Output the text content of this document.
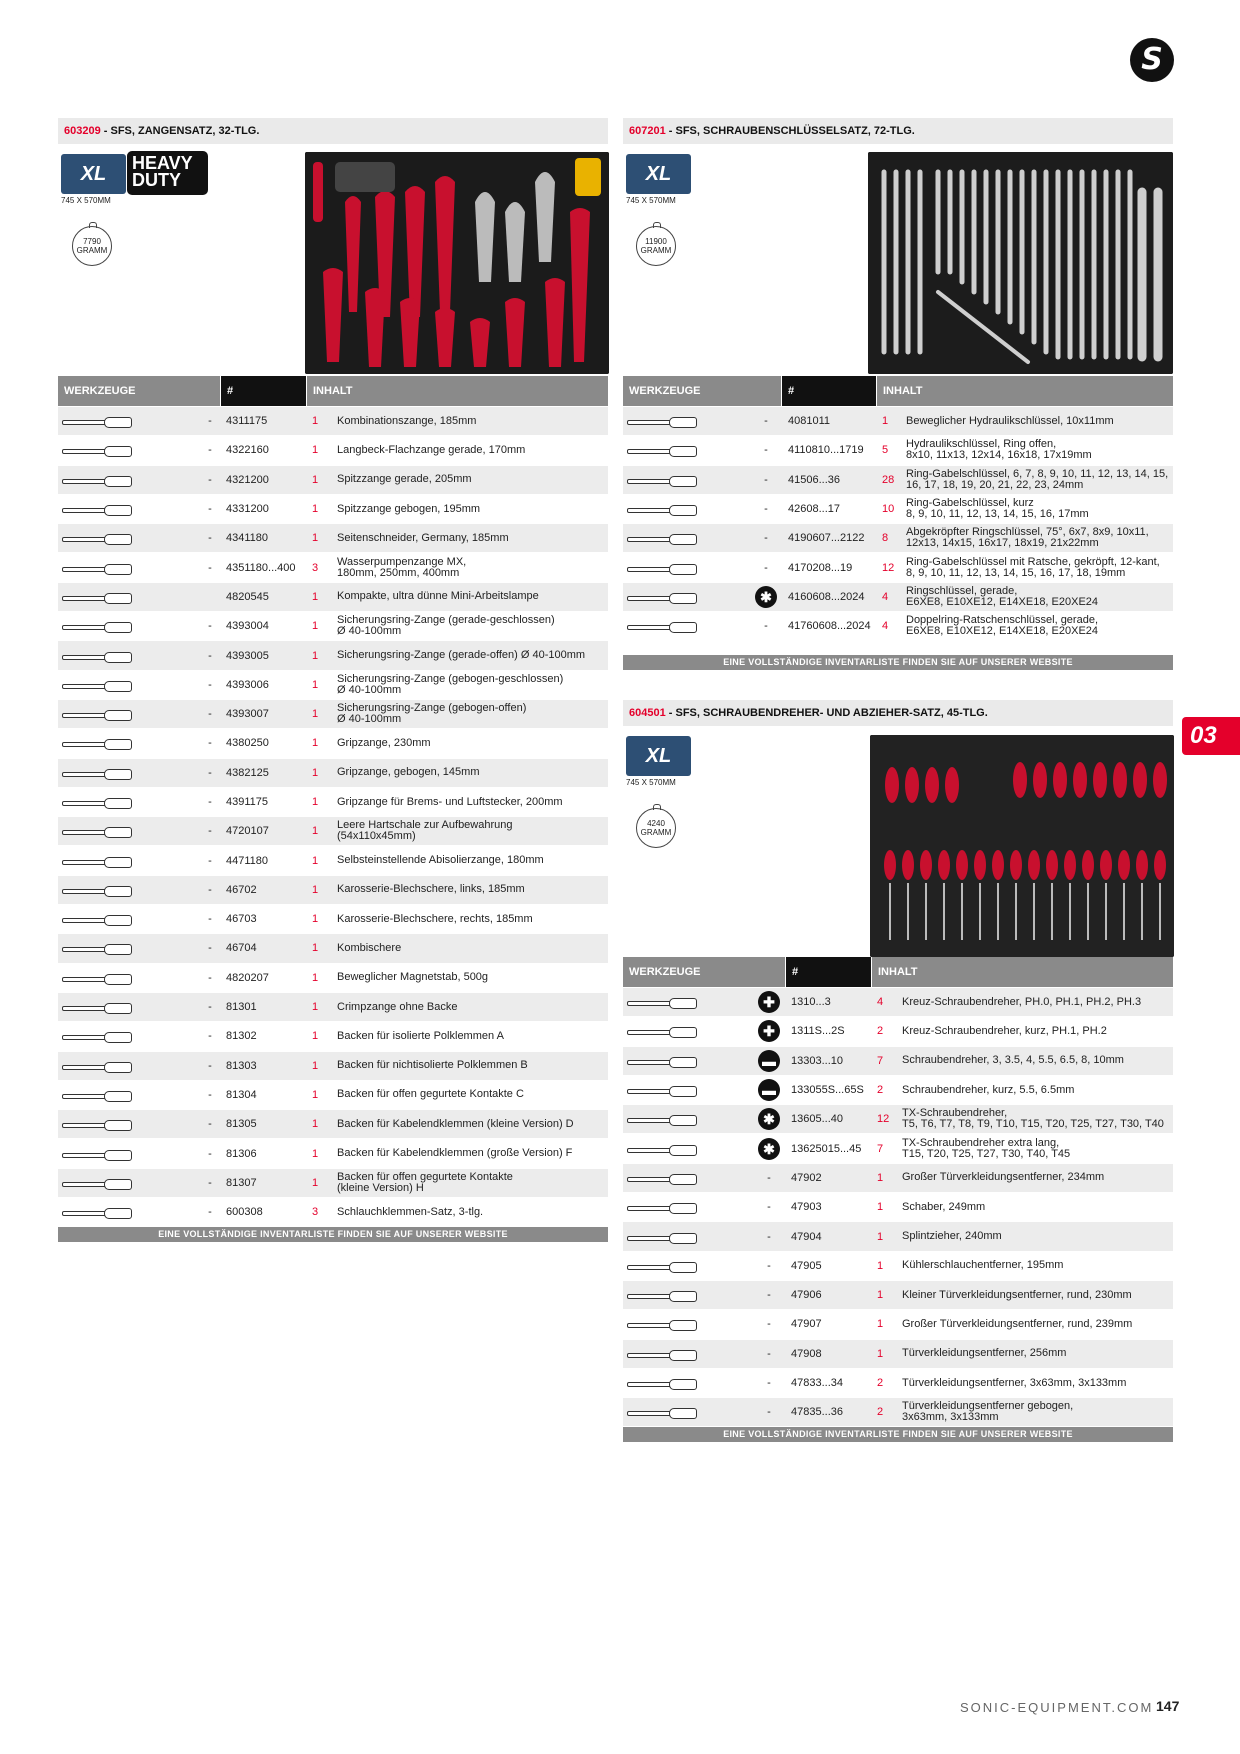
S
03
603209 - SFS, ZANGENSATZ, 32-TLG.
XL	HEAVY DUTY
745 X 570MM
7790
GRAMM
WERKZEUGE	#	INHALT
- 4311175	1	Kombinationszange, 185mm
- 4322160	1	Langbeck-Flachzange gerade, 170mm
- 4321200	1	Spitzzange gerade, 205mm
- 4331200	1	Spitzzange gebogen, 195mm
- 4341180	1	Seitenschneider, Germany, 185mm
- 4351180...400	3	Wasserpumpenzange MX,
180mm, 250mm, 400mm
4820545	1	Kompakte, ultra dünne Mini-Arbeitslampe
- 4393004	1	Sicherungsring-Zange (gerade-geschlossen)
Ø 40-100mm
- 4393005	1	Sicherungsring-Zange (gerade-offen) Ø 40-100mm
- 4393006	1	Sicherungsring-Zange (gebogen-geschlossen)
Ø 40-100mm
- 4393007	1	Sicherungsring-Zange (gebogen-offen)
Ø 40-100mm
- 4380250	1	Gripzange, 230mm
- 4382125	1	Gripzange, gebogen, 145mm
- 4391175	1	Gripzange für Brems- und Luftstecker, 200mm
- 4720107	1	Leere Hartschale zur Aufbewahrung
(54x110x45mm)
- 4471180	1	Selbsteinstellende Abisolierzange, 180mm
- 46702	1	Karosserie-Blechschere, links, 185mm
- 46703	1	Karosserie-Blechschere, rechts, 185mm
- 46704	1	Kombischere
- 4820207	1	Beweglicher Magnetstab, 500g
- 81301	1	Crimpzange ohne Backe
- 81302	1	Backen für isolierte Polklemmen A
- 81303	1	Backen für nichtisolierte Polklemmen B
- 81304	1	Backen für offen gegurtete Kontakte C
- 81305	1	Backen für Kabelendklemmen (kleine Version) D
- 81306	1	Backen für Kabelendklemmen (große Version) F
- 81307	1	Backen für offen gegurtete Kontakte
(kleine Version) H
- 600308	3	Schlauchklemmen-Satz, 3-tlg.
EINE VOLLSTÄNDIGE INVENTARLISTE FINDEN SIE AUF UNSERER WEBSITE
607201 - SFS, SCHRAUBENSCHLÜSSELSATZ, 72-TLG.
XL
745 X 570MM
11900
GRAMM
WERKZEUGE	#	INHALT
- 4081011	1	Beweglicher Hydraulikschlüssel, 10x11mm
- 4110810...1719	5	Hydraulikschlüssel, Ring offen,
8x10, 11x13, 12x14, 16x18, 17x19mm
- 41506...36	28	Ring-Gabelschlüssel, 6, 7, 8, 9, 10, 11, 12, 13, 14, 15,
16, 17, 18, 19, 20, 21, 22, 23, 24mm
- 42608...17	10	Ring-Gabelschlüssel, kurz
8, 9, 10, 11, 12, 13, 14, 15, 16, 17mm
- 4190607...2122	8	Abgekröpfter Ringschlüssel, 75°, 6x7, 8x9, 10x11,
12x13, 14x15, 16x17, 18x19, 21x22mm
- 4170208...19	12	Ring-Gabelschlüssel mit Ratsche, gekröpft, 12-kant,
8, 9, 10, 11, 12, 13, 14, 15, 16, 17, 18, 19mm
✱	4160608...2024	4	Ringschlüssel, gerade,
E6XE8, E10XE12, E14XE18, E20XE24
- 41760608...2024	4	Doppelring-Ratschenschlüssel, gerade,
E6XE8, E10XE12, E14XE18, E20XE24
EINE VOLLSTÄNDIGE INVENTARLISTE FINDEN SIE AUF UNSERER WEBSITE
604501 - SFS, SCHRAUBENDREHER- UND ABZIEHER-SATZ, 45-TLG.
XL
745 X 570MM
4240
GRAMM
WERKZEUGE	#	INHALT
✚	1310...3	4	Kreuz-Schraubendreher, PH.0, PH.1, PH.2, PH.3
✚	1311S...2S	2	Kreuz-Schraubendreher, kurz, PH.1, PH.2
▬	13303...10	7	Schraubendreher, 3, 3.5, 4, 5.5, 6.5, 8, 10mm
▬	133055S...65S	2	Schraubendreher, kurz, 5.5, 6.5mm
✱	13605...40	12	TX-Schraubendreher,
T5, T6, T7, T8, T9, T10, T15, T20, T25, T27, T30, T40
✱	13625015...45	7	TX-Schraubendreher extra lang,
T15, T20, T25, T27, T30, T40, T45
- 47902	1	Großer Türverkleidungsentferner, 234mm
- 47903	1	Schaber, 249mm
- 47904	1	Splintzieher, 240mm
- 47905	1	Kühlerschlauchentferner, 195mm
- 47906	1	Kleiner Türverkleidungsentferner, rund, 230mm
- 47907	1	Großer Türverkleidungsentferner, rund, 239mm
- 47908	1	Türverkleidungsentferner, 256mm
- 47833...34	2	Türverkleidungsentferner, 3x63mm, 3x133mm
- 47835...36	2	Türverkleidungsentferner gebogen,
3x63mm, 3x133mm
EINE VOLLSTÄNDIGE INVENTARLISTE FINDEN SIE AUF UNSERER WEBSITE
SONIC-EQUIPMENT.COM 147
